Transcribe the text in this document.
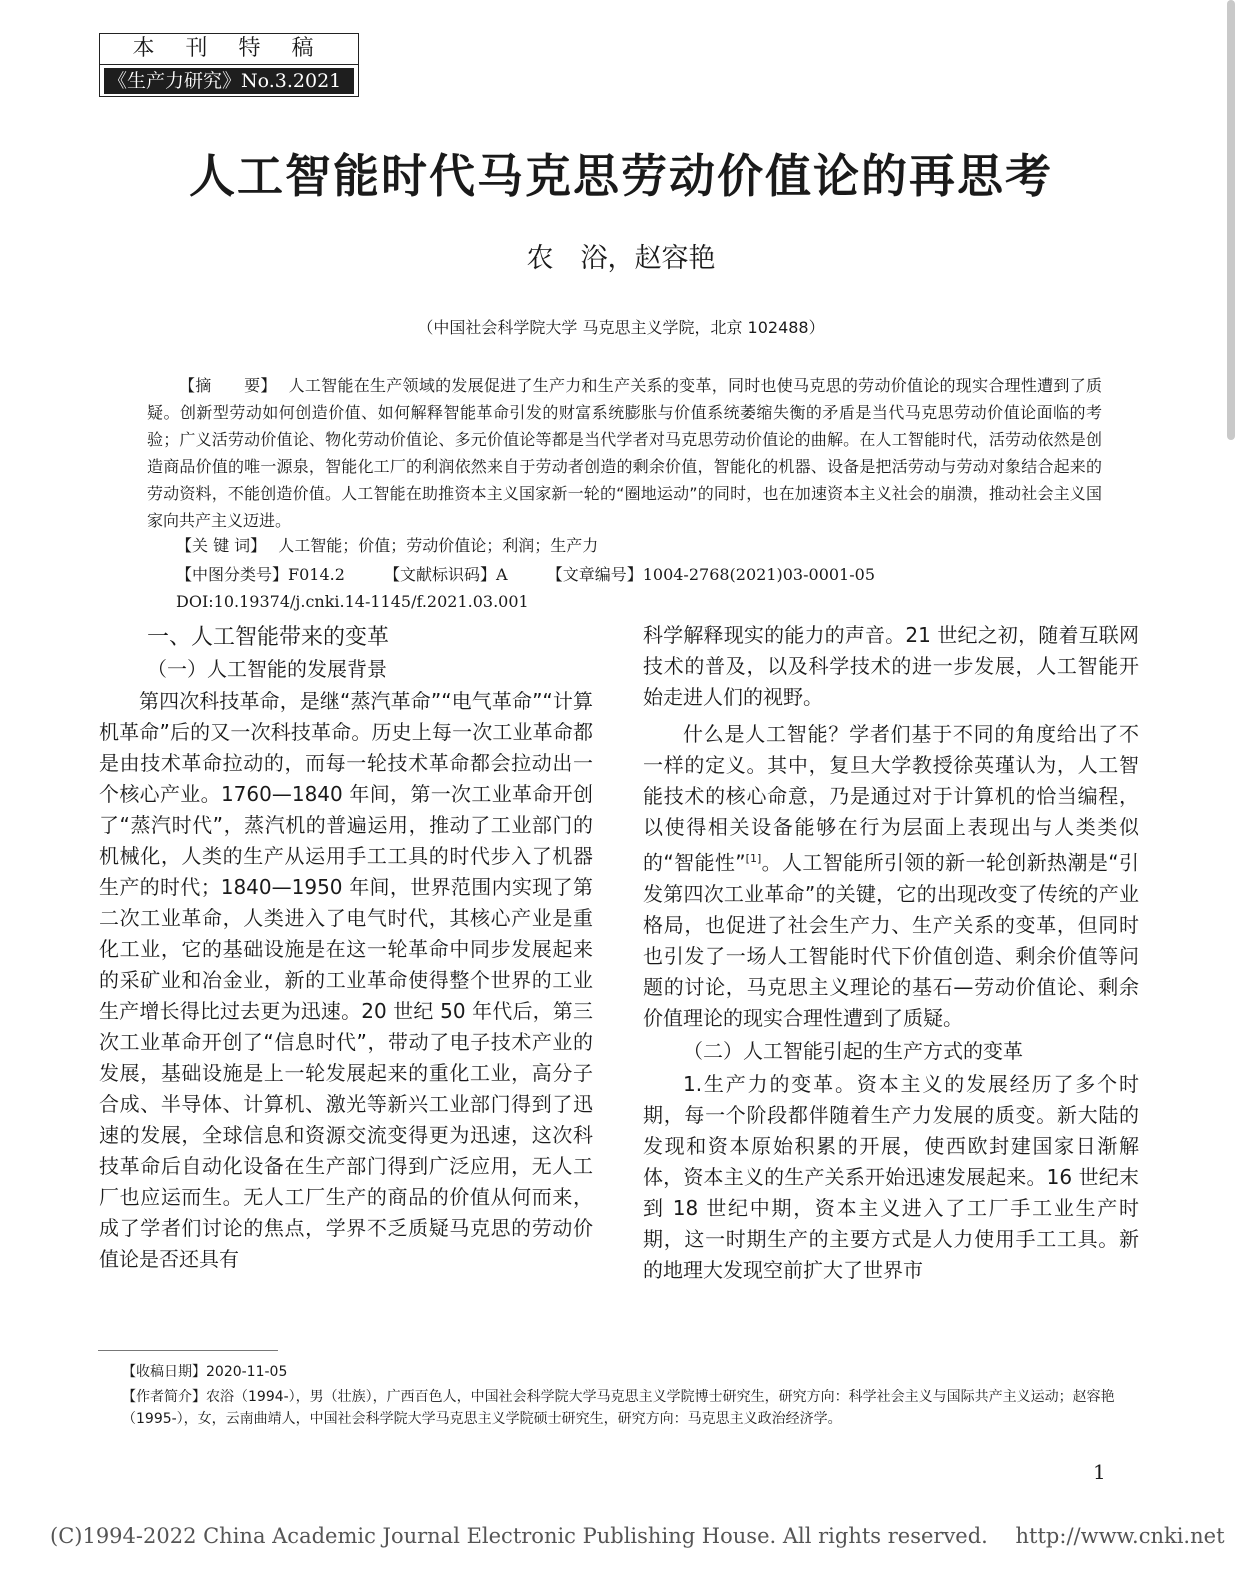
本 刊 特 稿
《生产力研究》No.3.2021
人工智能时代马克思劳动价值论的再思考
农　浴，赵容艳
（中国社会科学院大学 马克思主义学院，北京 102488）
【摘　　要】 人工智能在生产领域的发展促进了生产力和生产关系的变革，同时也使马克思的劳动价值论的现实合理性遭到了质疑。创新型劳动如何创造价值、如何解释智能革命引发的财富系统膨胀与价值系统萎缩失衡的矛盾是当代马克思劳动价值论面临的考验；广义活劳动价值论、物化劳动价值论、多元价值论等都是当代学者对马克思劳动价值论的曲解。在人工智能时代，活劳动依然是创造商品价值的唯一源泉，智能化工厂的利润依然来自于劳动者创造的剩余价值，智能化的机器、设备是把活劳动与劳动对象结合起来的劳动资料，不能创造价值。人工智能在助推资本主义国家新一轮的“圈地运动”的同时，也在加速资本主义社会的崩溃，推动社会主义国家向共产主义迈进。
【关 键 词】 人工智能；价值；劳动价值论；利润；生产力
【中图分类号】F014.2 【文献标识码】A 【文章编号】1004-2768(2021)03-0001-05
DOI:10.19374/j.cnki.14-1145/f.2021.03.001
一、人工智能带来的变革
（一）人工智能的发展背景

第四次科技革命，是继“蒸汽革命”“电气革命”“计算机革命”后的又一次科技革命。历史上每一次工业革命都是由技术革命拉动的，而每一轮技术革命都会拉动出一个核心产业。1760—1840 年间，第一次工业革命开创了“蒸汽时代”，蒸汽机的普遍运用，推动了工业部门的机械化，人类的生产从运用手工工具的时代步入了机器生产的时代；1840—1950 年间，世界范围内实现了第二次工业革命，人类进入了电气时代，其核心产业是重化工业，它的基础设施是在这一轮革命中同步发展起来的采矿业和冶金业，新的工业革命使得整个世界的工业生产增长得比过去更为迅速。20 世纪 50 年代后，第三次工业革命开创了“信息时代”，带动了电子技术产业的发展，基础设施是上一轮发展起来的重化工业，高分子合成、半导体、计算机、激光等新兴工业部门得到了迅速的发展，全球信息和资源交流变得更为迅速，这次科技革命后自动化设备在生产部门得到广泛应用，无人工厂也应运而生。无人工厂生产的商品的价值从何而来，成了学者们讨论的焦点，学界不乏质疑马克思的劳动价值论是否还具有

科学解释现实的能力的声音。21 世纪之初，随着互联网技术的普及，以及科学技术的进一步发展，人工智能开始走进人们的视野。

什么是人工智能？学者们基于不同的角度给出了不一样的定义。其中，复旦大学教授徐英瑾认为，人工智能技术的核心命意，乃是通过对于计算机的恰当编程，以使得相关设备能够在行为层面上表现出与人类类似的“智能性”[1]。人工智能所引领的新一轮创新热潮是“引发第四次工业革命”的关键，它的出现改变了传统的产业格局，也促进了社会生产力、生产关系的变革，但同时也引发了一场人工智能时代下价值创造、剩余价值等问题的讨论，马克思主义理论的基石—劳动价值论、剩余价值理论的现实合理性遭到了质疑。

（二）人工智能引起的生产方式的变革

1.生产力的变革。资本主义的发展经历了多个时期，每一个阶段都伴随着生产力发展的质变。新大陆的发现和资本原始积累的开展，使西欧封建国家日渐解体，资本主义的生产关系开始迅速发展起来。16 世纪末到 18 世纪中期，资本主义进入了工厂手工业生产时期，这一时期生产的主要方式是人力使用手工工具。新的地理大发现空前扩大了世界市

【收稿日期】2020-11-05
【作者简介】农浴（1994-），男（壮族），广西百色人，中国社会科学院大学马克思主义学院博士研究生，研究方向：科学社会主义与国际共产主义运动；赵容艳（1995-），女，云南曲靖人，中国社会科学院大学马克思主义学院硕士研究生，研究方向：马克思主义政治经济学。
1
(C)1994-2022 China Academic Journal Electronic Publishing House. All rights reserved.　 http://www.cnki.net
